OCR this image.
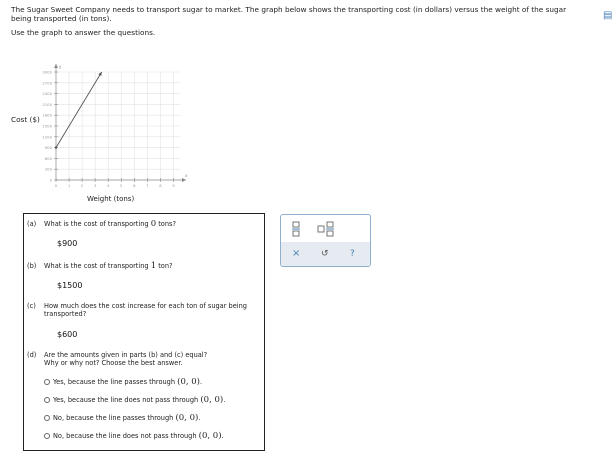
The Sugar Sweet Company needs to transport sugar to market. The graph below shows the transporting cost (in dollars) versus the weight of the sugar being transported (in tons).
Use the graph to answer the questions.
▤
Cost ($)
y
x
0
300
600
900
1200
1500
1800
2100
2400
2700
3000
0	1	2	3	4	5	6	7	8	9
Weight (tons)
(a) What is the cost of transporting 0 tons?
$900
(b) What is the cost of transporting 1 ton?
$1500
(c) How much does the cost increase for each ton of sugar being transported?
$600
(d) Are the amounts given in parts (b) and (c) equal?
Why or why not? Choose the best answer.
Yes, because the line passes through
(0, 0) .
Yes, because the line does not pass through
(0, 0) .
No, because the line passes through
(0, 0) .
No, because the line does not pass through
(0, 0) .
× ↺ ?
